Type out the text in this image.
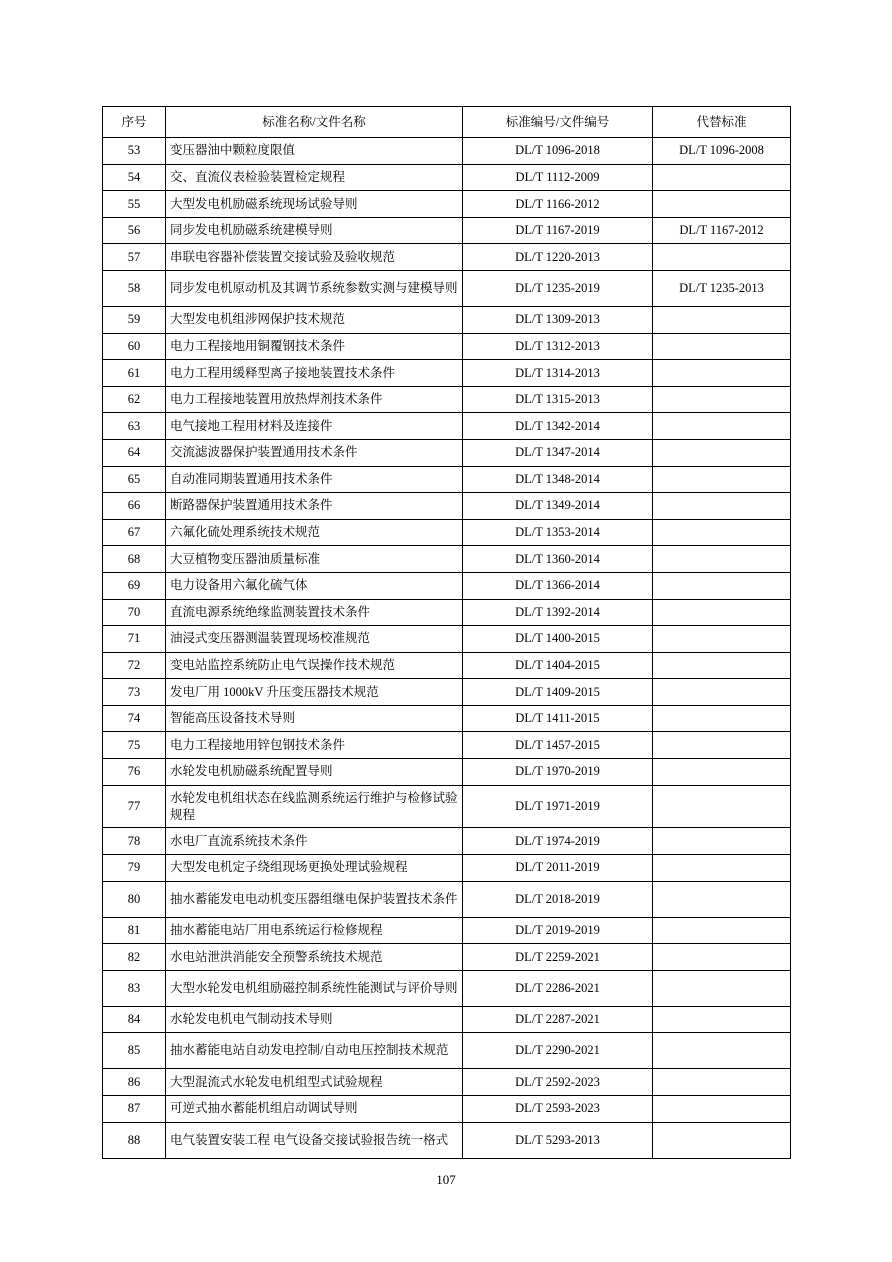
序号	标准名称/文件名称	标准编号/文件编号	代替标准
53	变压器油中颗粒度限值	DL/T 1096-2018	DL/T 1096-2008
54	交、直流仪表检验装置检定规程	DL/T 1112-2009	
55	大型发电机励磁系统现场试验导则	DL/T 1166-2012	
56	同步发电机励磁系统建模导则	DL/T 1167-2019	DL/T 1167-2012
57	串联电容器补偿装置交接试验及验收规范	DL/T 1220-2013	
58	同步发电机原动机及其调节系统参数实测与建模导则	DL/T 1235-2019	DL/T 1235-2013
59	大型发电机组涉网保护技术规范	DL/T 1309-2013	
60	电力工程接地用铜覆钢技术条件	DL/T 1312-2013	
61	电力工程用缓释型离子接地装置技术条件	DL/T 1314-2013	
62	电力工程接地装置用放热焊剂技术条件	DL/T 1315-2013	
63	电气接地工程用材料及连接件	DL/T 1342-2014	
64	交流滤波器保护装置通用技术条件	DL/T 1347-2014	
65	自动准同期装置通用技术条件	DL/T 1348-2014	
66	断路器保护装置通用技术条件	DL/T 1349-2014	
67	六氟化硫处理系统技术规范	DL/T 1353-2014	
68	大豆植物变压器油质量标准	DL/T 1360-2014	
69	电力设备用六氟化硫气体	DL/T 1366-2014	
70	直流电源系统绝缘监测装置技术条件	DL/T 1392-2014	
71	油浸式变压器测温装置现场校准规范	DL/T 1400-2015	
72	变电站监控系统防止电气误操作技术规范	DL/T 1404-2015	
73	发电厂用 1000kV 升压变压器技术规范	DL/T 1409-2015	
74	智能高压设备技术导则	DL/T 1411-2015	
75	电力工程接地用锌包钢技术条件	DL/T 1457-2015	
76	水轮发电机励磁系统配置导则	DL/T 1970-2019	
77	水轮发电机组状态在线监测系统运行维护与检修试验规程	DL/T 1971-2019	
78	水电厂直流系统技术条件	DL/T 1974-2019	
79	大型发电机定子绕组现场更换处理试验规程	DL/T 2011-2019	
80	抽水蓄能发电电动机变压器组继电保护装置技术条件	DL/T 2018-2019	
81	抽水蓄能电站厂用电系统运行检修规程	DL/T 2019-2019	
82	水电站泄洪消能安全预警系统技术规范	DL/T 2259-2021	
83	大型水轮发电机组励磁控制系统性能测试与评价导则	DL/T 2286-2021	
84	水轮发电机电气制动技术导则	DL/T 2287-2021	
85	抽水蓄能电站自动发电控制/自动电压控制技术规范	DL/T 2290-2021	
86	大型混流式水轮发电机组型式试验规程	DL/T 2592-2023	
87	可逆式抽水蓄能机组启动调试导则	DL/T 2593-2023	
88	电气装置安装工程 电气设备交接试验报告统一格式	DL/T 5293-2013	
107
